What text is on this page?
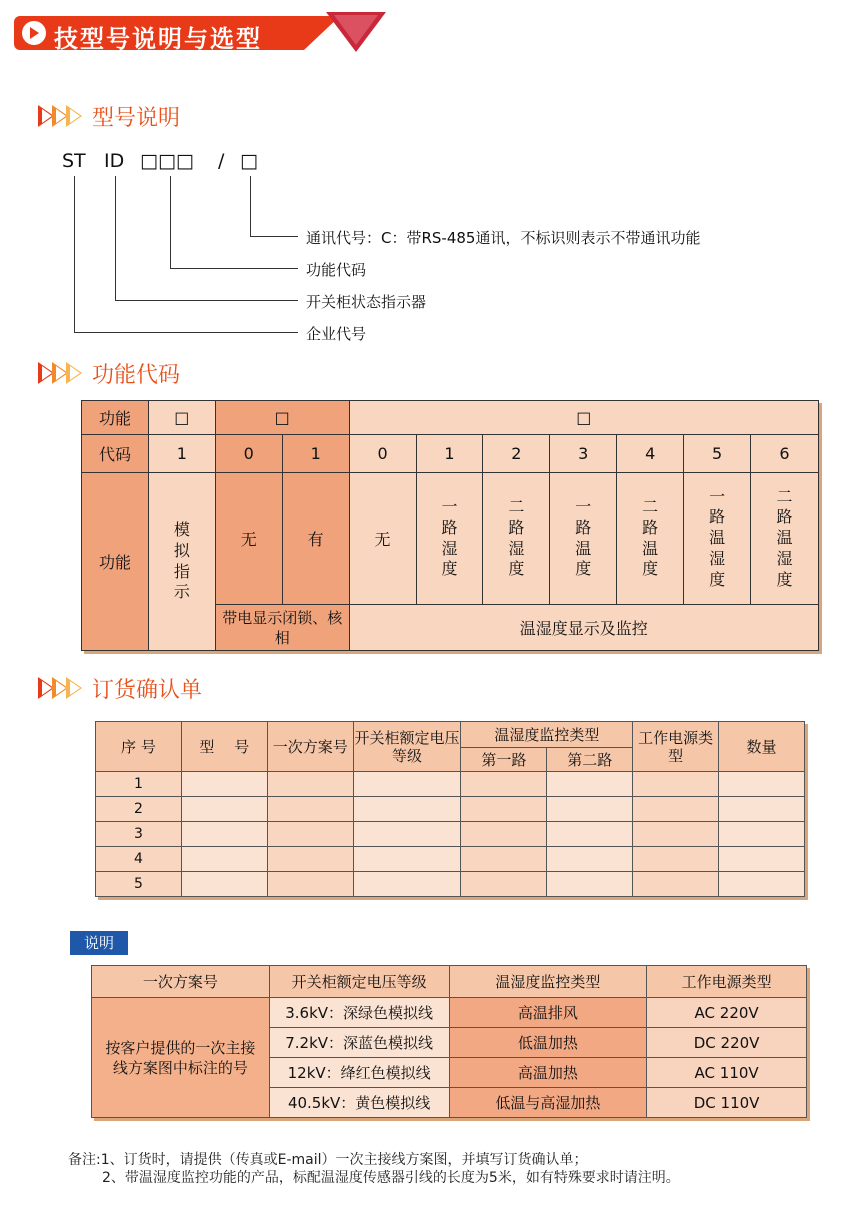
技型号说明与选型
型号说明
ST ID □□□ / □
通讯代号：C：带RS-485通讯，不标识则表示不带通讯功能
功能代码
开关柜状态指示器
企业代号
功能代码
功能	□	□		□						
代码	1	0	1	0	1	2	3	4	5	6
功能	模拟指示	无	有	无	一路湿度	二路湿度	一路温度	二路温度	一路温湿度	二路温湿度
		带电显示闭锁、核相		温湿度显示及监控						
订货确认单
序 号	型　 号	一次方案号	开关柜额定电压等级	温湿度监控类型		工作电源类型	数量
				第一路	第二路		
1							
2							
3							
4							
5							
说明
一次方案号	开关柜额定电压等级	温湿度监控类型	工作电源类型
按客户提供的一次主接线方案图中标注的号	3.6kV：深绿色模拟线	高温排风	AC 220V
	7.2kV：深蓝色模拟线	低温加热	DC 220V
	12kV：绛红色模拟线	高温加热	AC 110V
	40.5kV：黄色模拟线	低温与高湿加热	DC 110V
备注:1、订货时，请提供（传真或E-mail）一次主接线方案图，并填写订货确认单；
2、带温湿度监控功能的产品，标配温湿度传感器引线的长度为5米，如有特殊要求时请注明。
